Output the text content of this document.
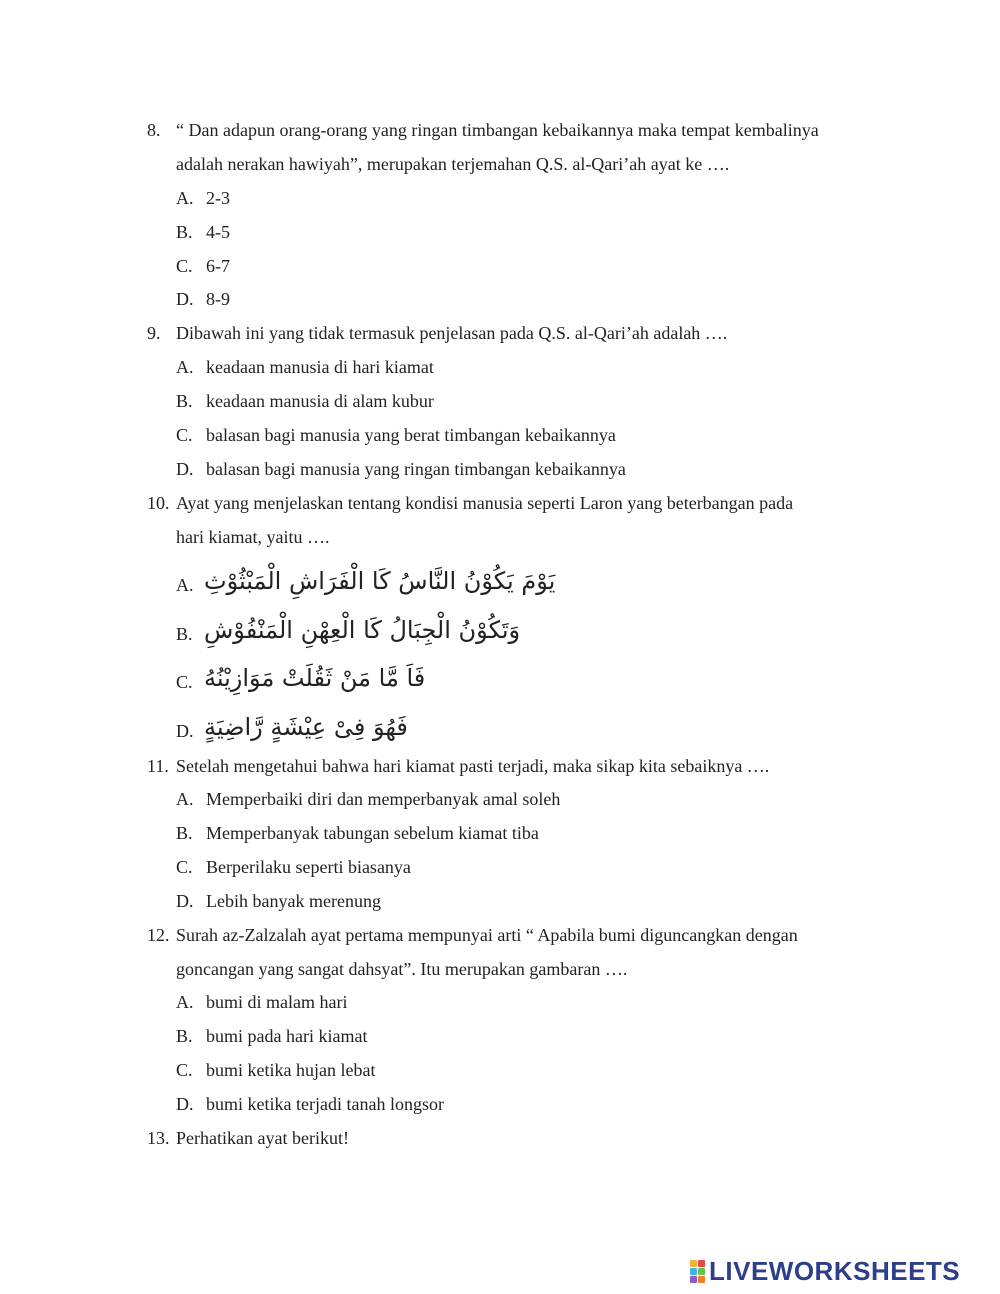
8. “ Dan adapun orang-orang yang ringan timbangan kebaikannya maka tempat kembalinya
adalah nerakan hawiyah”, merupakan terjemahan Q.S. al-Qari’ah ayat ke ….
A. 2-3
B. 4-5
C. 6-7
D. 8-9
9. Dibawah ini yang tidak termasuk penjelasan pada Q.S. al-Qari’ah adalah ….
A. keadaan manusia di hari kiamat
B. keadaan manusia di alam kubur
C. balasan bagi manusia yang berat timbangan kebaikannya
D. balasan bagi manusia yang ringan timbangan kebaikannya
10. Ayat yang menjelaskan tentang kondisi manusia seperti Laron yang beterbangan pada
hari kiamat, yaitu ….
A. يَوْمَ يَكُوْنُ النَّاسُ كَا الْفَرَاشِ الْمَبْثُوْثِ
B. وَتَكُوْنُ الْجِبَالُ كَا الْعِهْنِ الْمَنْفُوْشِ
C. فَاَ مَّا مَنْ ثَقُلَتْ مَوَازِيْنُهُ
D. فَهُوَ فِىْ عِيْشَةٍ رَّاضِيَةٍ
11. Setelah mengetahui bahwa hari kiamat pasti terjadi, maka sikap kita sebaiknya ….
A. Memperbaiki diri dan memperbanyak amal soleh
B. Memperbanyak tabungan sebelum kiamat tiba
C. Berperilaku seperti biasanya
D. Lebih banyak merenung
12. Surah az-Zalzalah ayat pertama mempunyai arti “ Apabila bumi diguncangkan dengan
goncangan yang sangat dahsyat”. Itu merupakan gambaran ….
A. bumi di malam hari
B. bumi pada hari kiamat
C. bumi ketika hujan lebat
D. bumi ketika terjadi tanah longsor
13. Perhatikan ayat berikut!
LIVEWORKSHEETS
